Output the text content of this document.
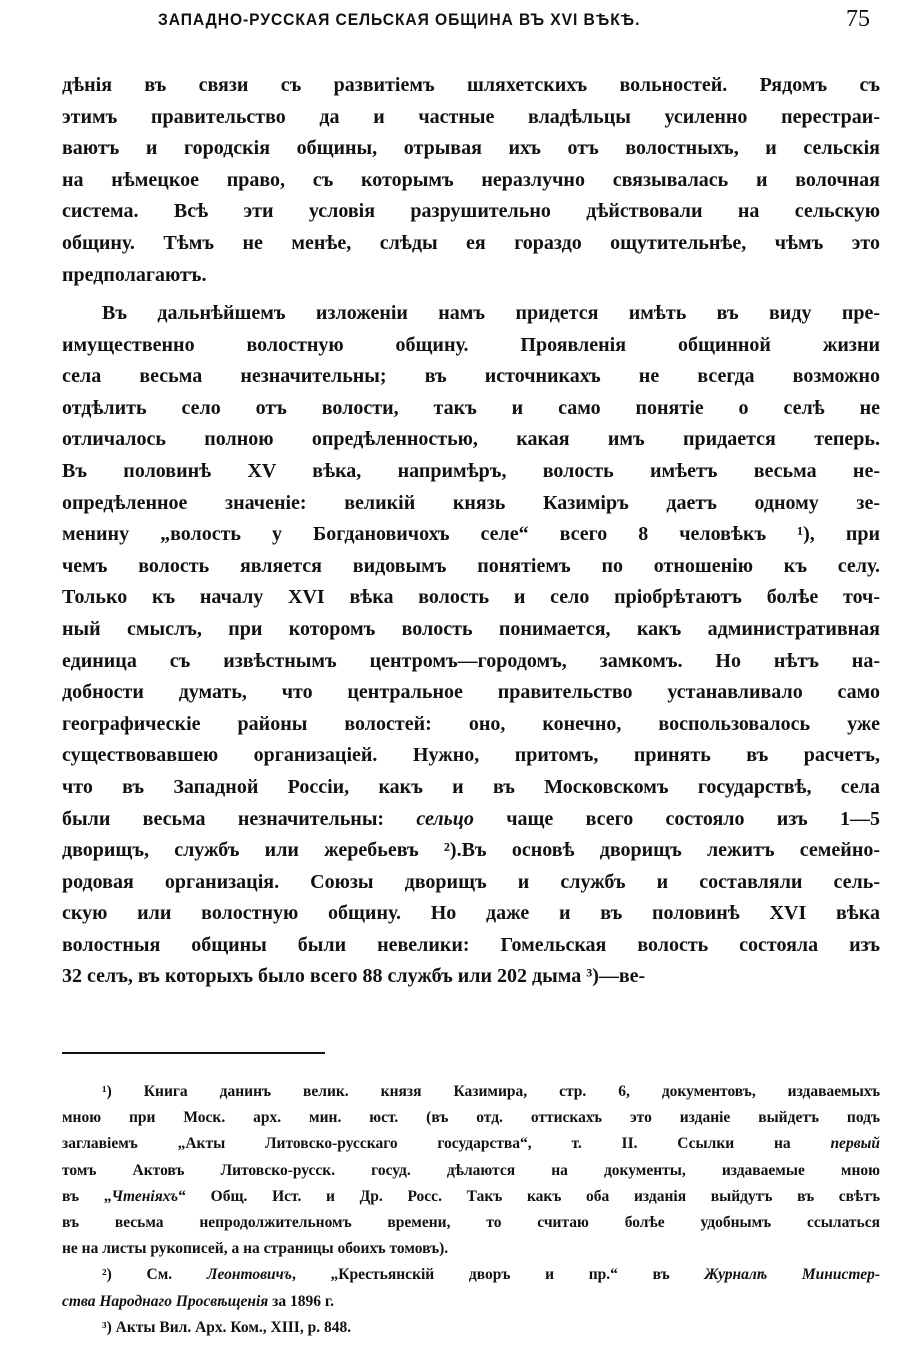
ЗАПАДНО-РУССКАЯ СЕЛЬСКАЯ ОБЩИНА ВЪ XVI ВѢКѢ.	75
дѣнія въ связи съ развитіемъ шляхетскихъ вольностей. Рядомъ съ
этимъ правительство да и частные владѣльцы усиленно перестраи-
ваютъ и городскія общины, отрывая ихъ отъ волостныхъ, и сельскія
на нѣмецкое право, съ которымъ неразлучно связывалась и волочная
система. Всѣ эти условія разрушительно дѣйствовали на сельскую
общину. Тѣмъ не менѣе, слѣды ея гораздо ощутительнѣе, чѣмъ это
предполагаютъ.
Въ дальнѣйшемъ изложеніи намъ придется имѣть въ виду пре-
имущественно волостную общину. Проявленія общинной жизни
села весьма незначительны; въ источникахъ не всегда возможно
отдѣлить село отъ волости, такъ и само понятіе о селѣ не
отличалось полною опредѣленностью, какая имъ придается теперь.
Въ половинѣ XV вѣка, напримѣръ, волость имѣетъ весьма не-
опредѣленное значеніе: великій князь Казиміръ даетъ одному зе-
менину „волость у Богдановичохъ селе“ всего 8 человѣкъ ¹), при
чемъ волость является видовымъ понятіемъ по отношенію къ селу.
Только къ началу XVI вѣка волость и село пріобрѣтаютъ болѣе точ-
ный смыслъ, при которомъ волость понимается, какъ административная
единица съ извѣстнымъ центромъ—городомъ, замкомъ. Но нѣтъ на-
добности думать, что центральное правительство устанавливало само
географическіе районы волостей: оно, конечно, воспользовалось уже
существовавшею организаціей. Нужно, притомъ, принять въ расчетъ,
что въ Западной Россіи, какъ и въ Московскомъ государствѣ, села
были весьма незначительны: сельцо чаще всего состояло изъ 1—5
дворищъ, службъ или жеребьевъ ²).Въ основѣ дворищъ лежитъ семейно-
родовая организація. Союзы дворищъ и службъ и составляли сель-
скую или волостную общину. Но даже и въ половинѣ XVI вѣка
волостныя общины были невелики: Гомельская волость состояла изъ
32 селъ, въ которыхъ было всего 88 службъ или 202 дыма ³)—ве-
¹) Книга данинъ велик. князя Казимира, стр. 6, документовъ, издаваемыхъ
мною при Моск. арх. мин. юст. (въ отд. оттискахъ это изданіе выйдетъ подъ
заглавіемъ „Акты Литовско-русскаго государства“, т. II. Ссылки на первый
томъ Актовъ Литовско-русск. госуд. дѣлаются на документы, издаваемые мною
въ „Чтеніяхъ“ Общ. Ист. и Др. Росс. Такъ какъ оба изданія выйдутъ въ свѣтъ
въ весьма непродолжительномъ времени, то считаю болѣе удобнымъ ссылаться
не на листы рукописей, а на страницы обоихъ томовъ).
²) См. Леонтовичъ, „Крестьянскій дворъ и пр.“ въ Журналѣ Министер-
ства Народнаго Просвѣщенія за 1896 г.
³) Акты Вил. Арх. Ком., XIII, p. 848.
